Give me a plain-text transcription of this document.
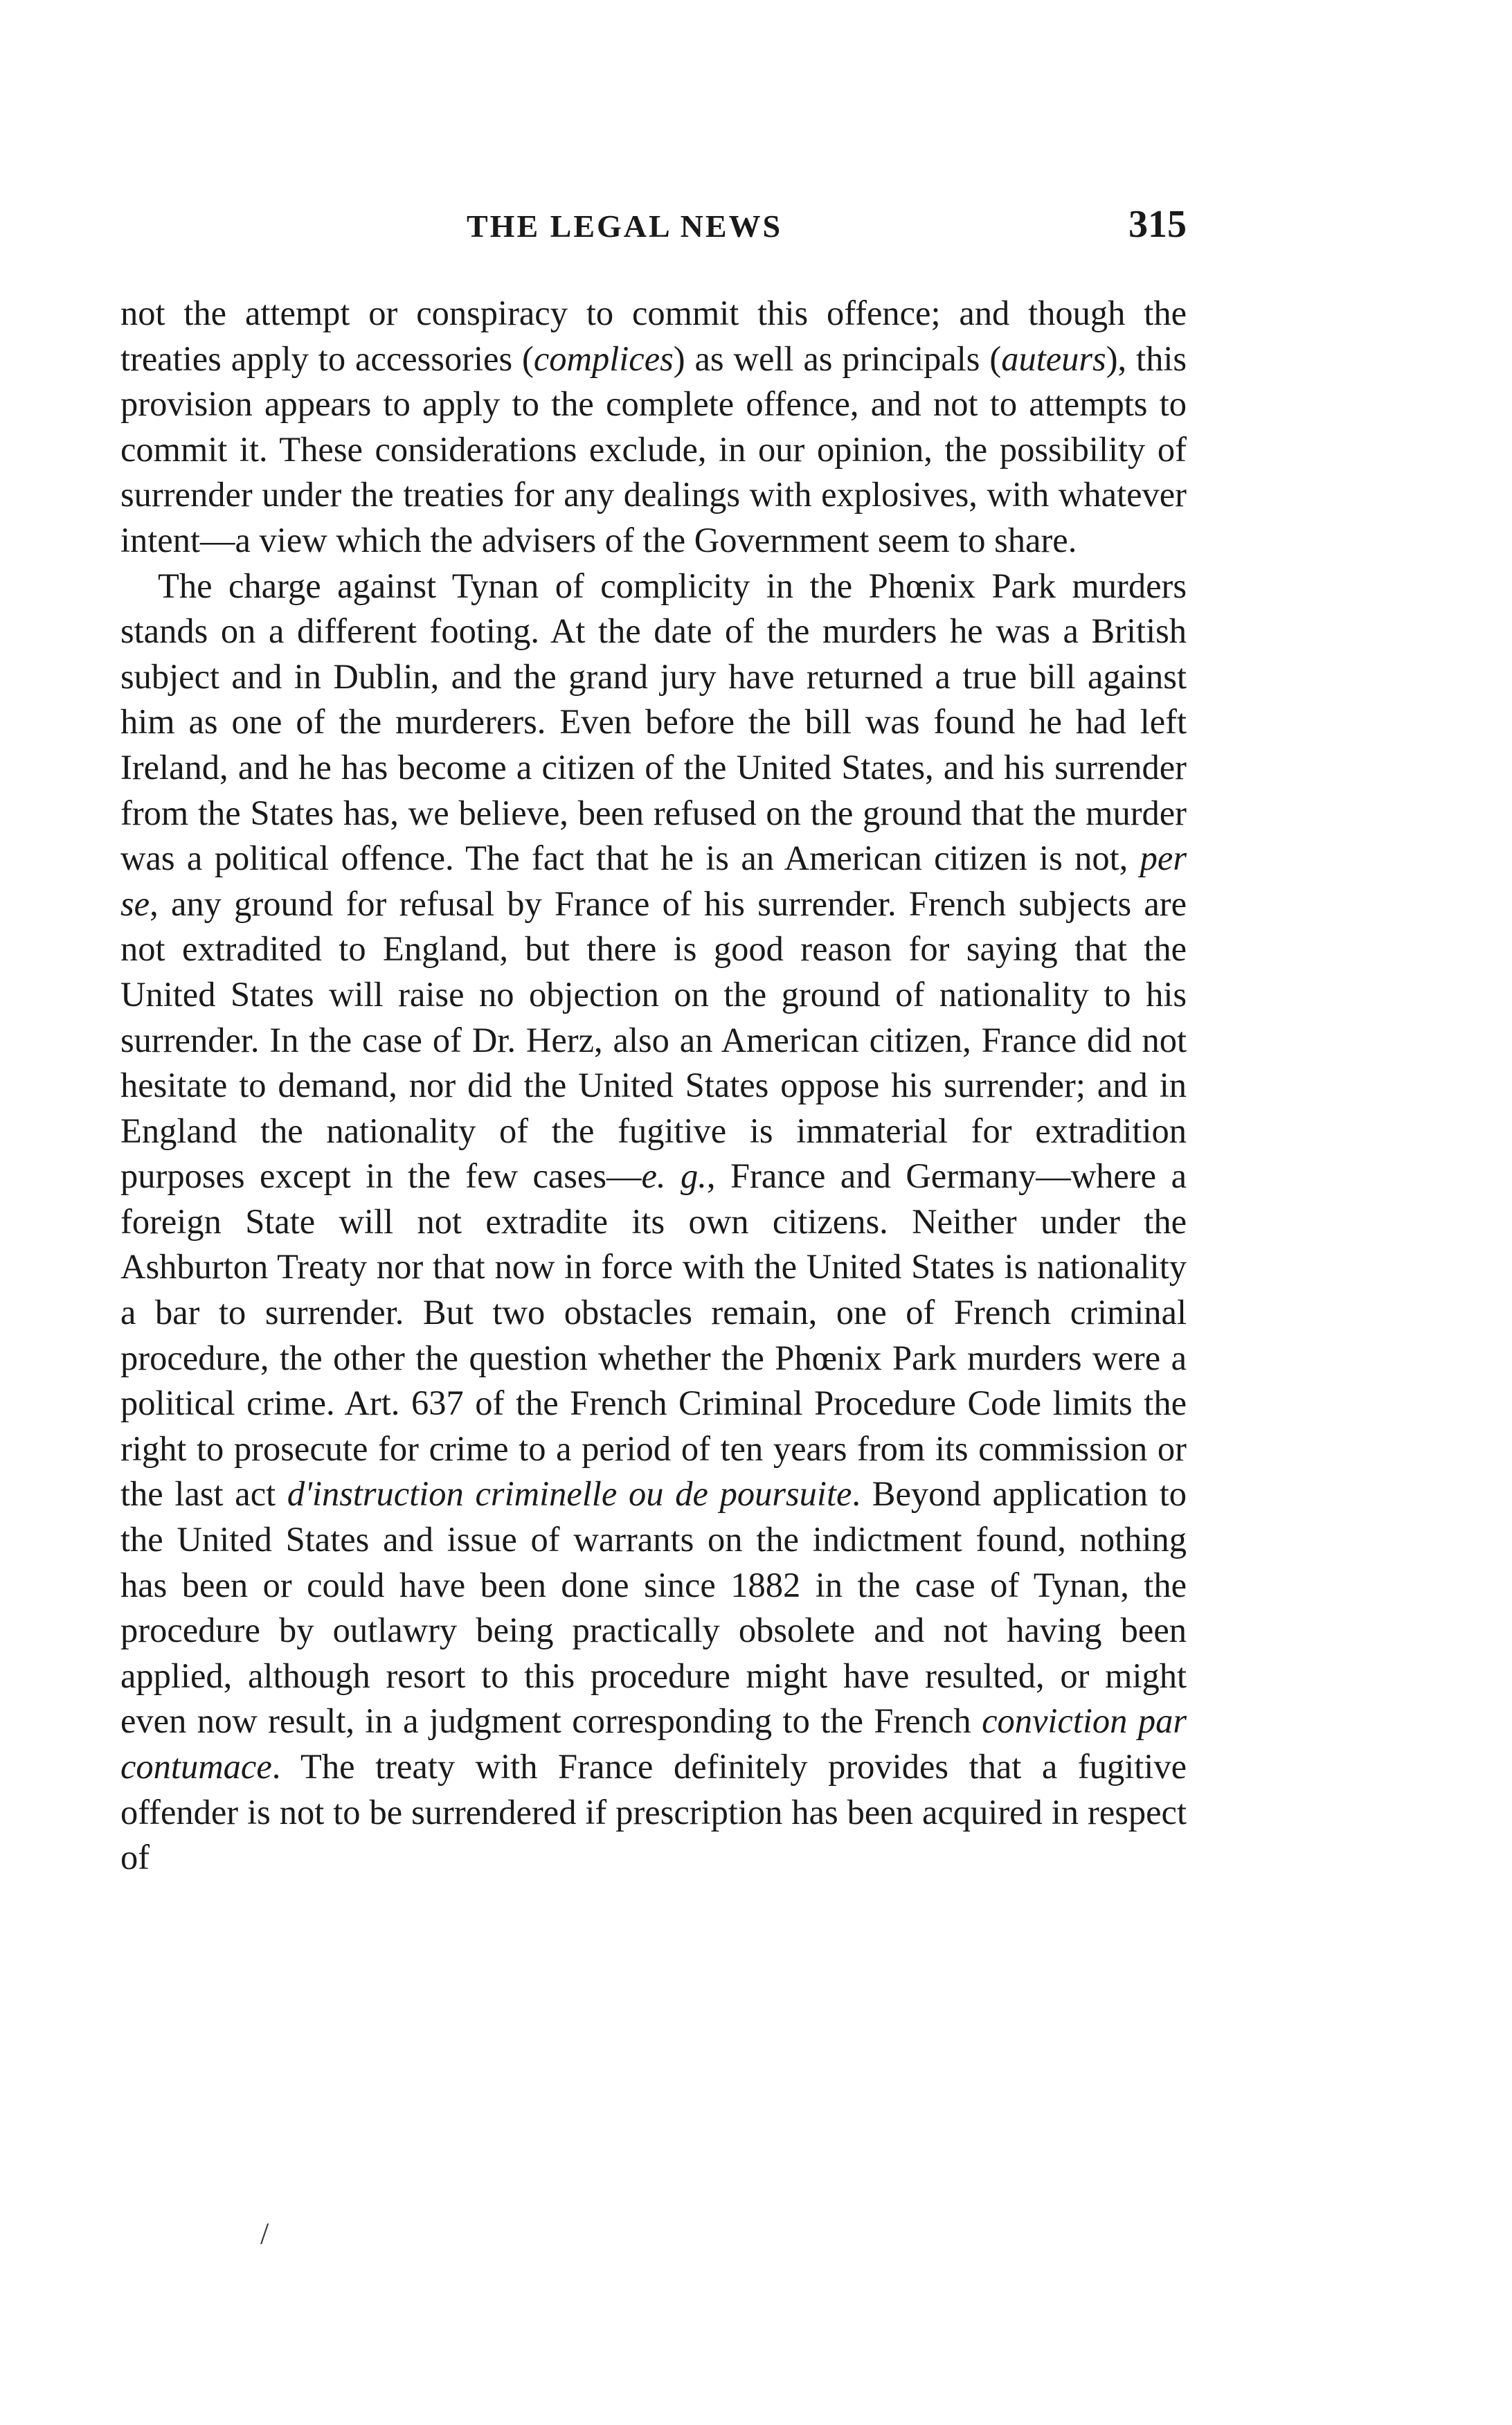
THE LEGAL NEWS	315

not the attempt or conspiracy to commit this offence; and though the treaties apply to accessories (complices) as well as principals (auteurs), this provision appears to apply to the complete offence, and not to attempts to commit it. These considerations exclude, in our opinion, the possibility of surrender under the treaties for any dealings with explosives, with whatever intent—a view which the advisers of the Government seem to share.

The charge against Tynan of complicity in the Phœnix Park murders stands on a different footing. At the date of the murders he was a British subject and in Dublin, and the grand jury have returned a true bill against him as one of the murderers. Even before the bill was found he had left Ireland, and he has become a citizen of the United States, and his surrender from the States has, we believe, been refused on the ground that the murder was a political offence. The fact that he is an American citizen is not, per se, any ground for refusal by France of his surrender. French subjects are not extradited to England, but there is good reason for saying that the United States will raise no objection on the ground of nationality to his surrender. In the case of Dr. Herz, also an American citizen, France did not hesitate to demand, nor did the United States oppose his surrender; and in England the nationality of the fugitive is immaterial for extradition purposes except in the few cases—e. g., France and Germany—where a foreign State will not extradite its own citizens. Neither under the Ashburton Treaty nor that now in force with the United States is nationality a bar to surrender. But two obstacles remain, one of French criminal procedure, the other the question whether the Phœnix Park murders were a political crime. Art. 637 of the French Criminal Procedure Code limits the right to prosecute for crime to a period of ten years from its commission or the last act d'instruction criminelle ou de poursuite. Beyond application to the United States and issue of warrants on the indictment found, nothing has been or could have been done since 1882 in the case of Tynan, the procedure by outlawry being practically obsolete and not having been applied, although resort to this procedure might have resulted, or might even now result, in a judgment corresponding to the French conviction par contumace. The treaty with France definitely provides that a fugitive offender is not to be surrendered if prescription has been acquired in respect of

/
